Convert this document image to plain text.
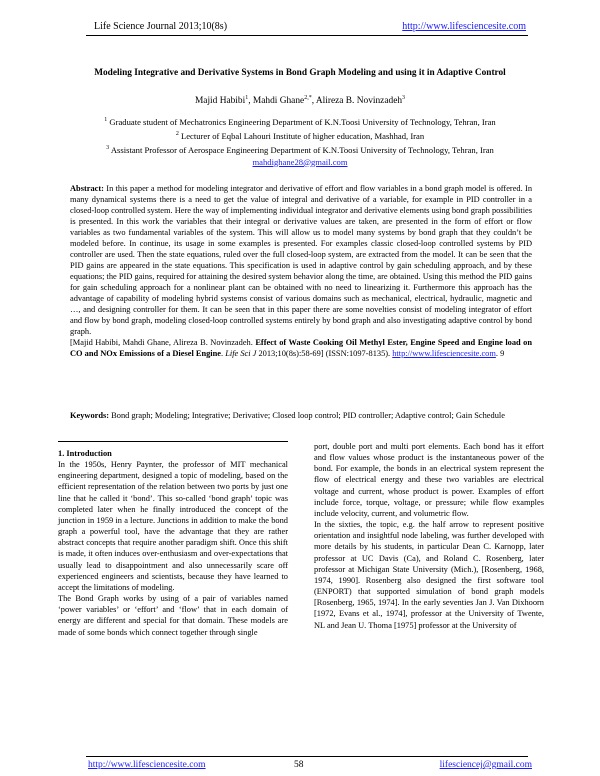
Life Science Journal 2013;10(8s)	http://www.lifesciencesite.com
Modeling Integrative and Derivative Systems in Bond Graph Modeling and using it in Adaptive Control
Majid Habibi$^1$, Mahdi Ghane$^{2,*}$, Alireza B. Novinzadeh$^3$
$^1$ Graduate student of Mechatronics Engineering Department of K.N.Toosi University of Technology, Tehran, Iran
$^2$ Lecturer of Eqbal Lahouri Institute of higher education, Mashhad, Iran
$^3$ Assistant Professor of Aerospace Engineering Department of K.N.Toosi University of Technology, Tehran, Iran
mahdighane28@gmail.com
Abstract: In this paper a method for modeling integrator and derivative of effort and flow variables in a bond graph model is offered. In many dynamical systems there is a need to get the value of integral and derivative of a variable, for example in PID controller in a closed-loop controlled system. Here the way of implementing individual integrator and derivative elements using bond graph possibilities is presented. In this work the variables that their integral or derivative values are taken, are presented in the form of effort or flow variables as two fundamental variables of the system. This will allow us to model many systems by bond graph that they couldn’t be modeled before. In continue, its usage in some examples is presented. For examples classic closed-loop controlled systems by PID controller are used. Then the state equations, ruled over the full closed-loop system, are extracted from the model. It can be seen that the PID gains are appeared in the state equations. This specification is used in adaptive control by gain scheduling approach, and by these equations; the PID gains, required for attaining the desired system behavior along the time, are obtained. Using this method the PID gains for gain scheduling approach for a nonlinear plant can be obtained with no need to linearizing it. Furthermore this approach has the advantage of capability of modeling hybrid systems consist of various domains such as mechanical, electrical, hydraulic, magnetic and …, and designing controller for them. It can be seen that in this paper there are some novelties consist of modeling integrator of effort and flow by bond graph, modeling closed-loop controlled systems entirely by bond graph and also investigating adaptive control by bond graph.
[Majid Habibi, Mahdi Ghane, Alireza B. Novinzadeh. Effect of Waste Cooking Oil Methyl Ester, Engine Speed and Engine load on CO and NOx Emissions of a Diesel Engine. Life Sci J 2013;10(8s):58-69] (ISSN:1097-8135). http://www.lifesciencesite.com. 9
Keywords: Bond graph; Modeling; Integrative; Derivative; Closed loop control; PID controller; Adaptive control; Gain Schedule

1. Introduction

In the 1950s, Henry Paynter, the professor of MIT mechanical engineering department, designed a topic of modeling, based on the efficient representation of the relation between two ports by just one line that he called it ‘bond’. This so-called ‘bond graph’ topic was completed later when he finally introduced the concept of the junction in 1959 in a lecture. Junctions in addition to make the bond graph a powerful tool, have the advantage that they are rather abstract concepts that require another paradigm shift. Once this shift is made, it often induces over-enthusiasm and over-expectations that usually lead to disappointment and also unnecessarily scare off experienced engineers and scientists, because they have learned to accept the limitations of modeling.

The Bond Graph works by using of a pair of variables named ‘power variables’ or ‘effort’ and ‘flow’ that in each domain of energy are different and special for that domain. These models are made of some bonds which connect together through single

port, double port and multi port elements. Each bond has it effort and flow values whose product is the instantaneous power of the bond. For example, the bonds in an electrical system represent the flow of electrical energy and these two variables are electrical voltage and current, whose product is power. Examples of effort include force, torque, voltage, or pressure; while flow examples include velocity, current, and volumetric flow.

In the sixties, the topic, e.g. the half arrow to represent positive orientation and insightful node labeling, was further developed with more details by his students, in particular Dean C. Karnopp, later professor at UC Davis (Ca), and Roland C. Rosenberg, later professor at Michigan State University (Mich.), [Rosenberg, 1968, 1974, 1990]. Rosenberg also designed the first software tool (ENPORT) that supported simulation of bond graph models [Rosenberg, 1965, 1974]. In the early seventies Jan J. Van Dixhoorn [1972, Evans et al., 1974], professor at the University of Twente, NL and Jean U. Thoma [1975] professor at the University of

http://www.lifesciencesite.com	58	lifesciencej@gmail.com
